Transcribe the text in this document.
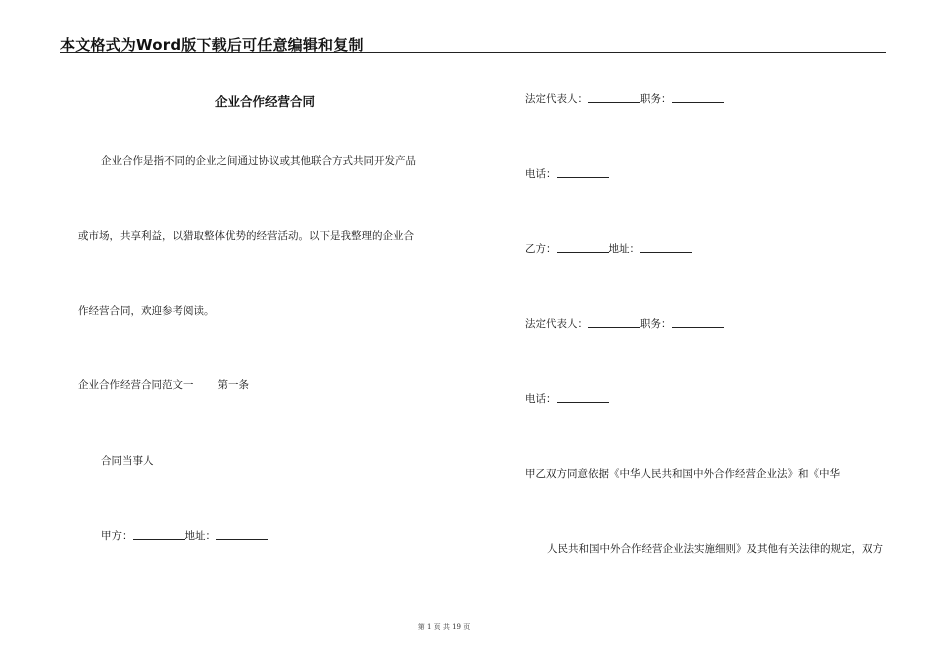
本文格式为Word版下载后可任意编辑和复制
企业合作经营合同
企业合作是指不同的企业之间通过协议或其他联合方式共同开发产品
或市场，共享利益，以猎取整体优势的经营活动。以下是我整理的企业合
作经营合同，欢迎参考阅读。
企业合作经营合同范文一 第一条
合同当事人
甲方：	地址：
法定代表人：	职务：
电话：
乙方：	地址：
法定代表人：	职务：
电话：
甲乙双方同意依据《中华人民共和国中外合作经营企业法》和《中华
人民共和国中外合作经营企业法实施细则》及其他有关法律的规定，双方
第 1 页 共 19 页
